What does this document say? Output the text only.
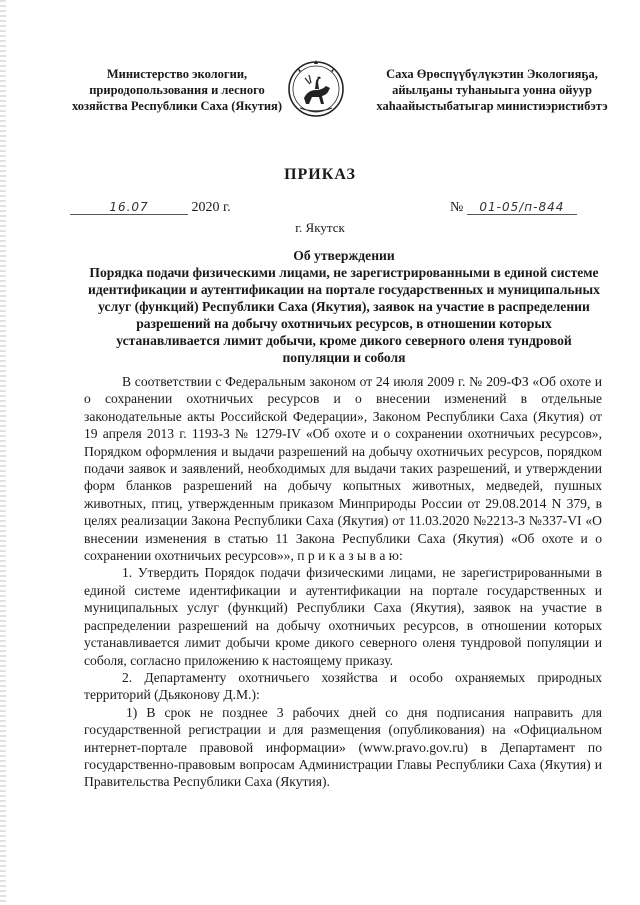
Министерство экологии, природопользования и лесного хозяйства Республики Саха (Якутия)
Саха Өрөспүүбүлүкэтин Экологияҕа, айылҕаны туһаныыга уонна ойуур хаһаайыстыбатыгар министиэристибэтэ
ПРИКАЗ
16.07	2020 г.	№ 01-05/п-844
г. Якутск
Об утверждении
Порядка подачи физическими лицами, не зарегистрированными в единой системе идентификации и аутентификации на портале государственных и муниципальных услуг (функций) Республики Саха (Якутия), заявок на участие в распределении разрешений на добычу охотничьих ресурсов, в отношении которых устанавливается лимит добычи, кроме дикого северного оленя тундровой популяции и соболя

В соответствии с Федеральным законом от 24 июля 2009 г. № 209-ФЗ «Об охоте и о сохранении охотничьих ресурсов и о внесении изменений в отдельные законодательные акты Российской Федерации», Законом Республики Саха (Якутия) от 19 апреля 2013 г. 1193-З № 1279-IV «Об охоте и о сохранении охотничьих ресурсов», Порядком оформления и выдачи разрешений на добычу охотничьих ресурсов, порядком подачи заявок и заявлений, необходимых для выдачи таких разрешений, и утверждении форм бланков разрешений на добычу копытных животных, медведей, пушных животных, птиц, утвержденным приказом Минприроды России от 29.08.2014 N 379, в целях реализации Закона Республики Саха (Якутия) от 11.03.2020 №2213-З №337-VI «О внесении изменения в статью 11 Закона Республики Саха (Якутия) «Об охоте и о сохранении охотничьих ресурсов»», п р и к а з ы в а ю:

1. Утвердить Порядок подачи физическими лицами, не зарегистрированными в единой системе идентификации и аутентификации на портале государственных и муниципальных услуг (функций) Республики Саха (Якутия), заявок на участие в распределении разрешений на добычу охотничьих ресурсов, в отношении которых устанавливается лимит добычи кроме дикого северного оленя тундровой популяции и соболя, согласно приложению к настоящему приказу.

2. Департаменту охотничьего хозяйства и особо охраняемых природных территорий (Дьяконову Д.М.):

1) В срок не позднее 3 рабочих дней со дня подписания направить для государственной регистрации и для размещения (опубликования) на «Официальном интернет-портале правовой информации» (www.pravo.gov.ru) в Департамент по государственно-правовым вопросам Администрации Главы Республики Саха (Якутия) и Правительства Республики Саха (Якутия).
